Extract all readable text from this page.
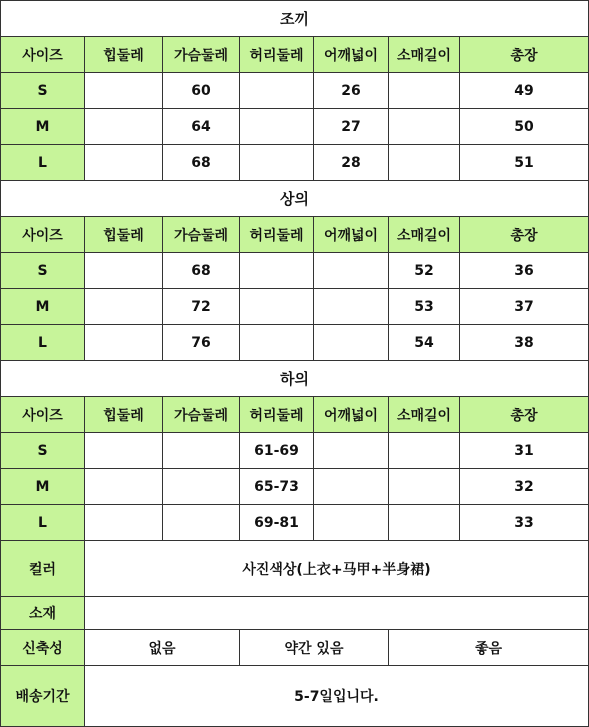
조끼						
사이즈	힙둘레	가슴둘레	허리둘레	어깨넓이	소매길이	총장
S		60		26		49
M		64		27		50
L		68		28		51
상의						
사이즈	힙둘레	가슴둘레	허리둘레	어깨넓이	소매길이	총장
S		68			52	36
M		72			53	37
L		76			54	38
하의						
사이즈	힙둘레	가슴둘레	허리둘레	어깨넓이	소매길이	총장
S			61-69			31
M			65-73			32
L			69-81			33
컬러	사진색상(上衣+马甲+半身裙)					
소재						
신축성	없음		약간 있음		좋음	
배송기간	5-7일입니다.					
